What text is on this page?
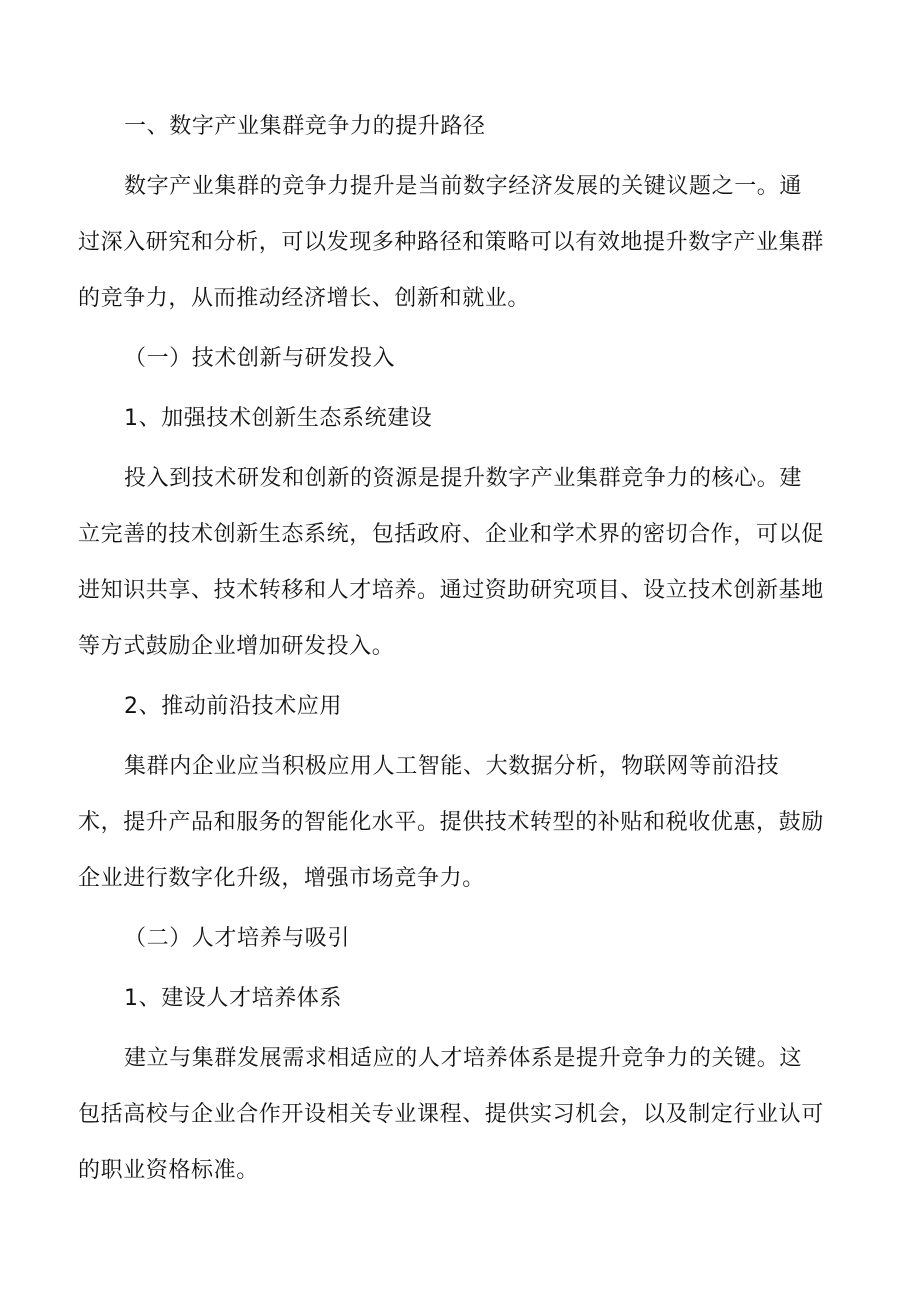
一、数字产业集群竞争力的提升路径
数字产业集群的竞争力提升是当前数字经济发展的关键议题之一。通
过深入研究和分析，可以发现多种路径和策略可以有效地提升数字产业集群
的竞争力，从而推动经济增长、创新和就业。
（一）技术创新与研发投入
1、加强技术创新生态系统建设
投入到技术研发和创新的资源是提升数字产业集群竞争力的核心。建
立完善的技术创新生态系统，包括政府、企业和学术界的密切合作，可以促
进知识共享、技术转移和人才培养。通过资助研究项目、设立技术创新基地
等方式鼓励企业增加研发投入。
2、推动前沿技术应用
集群内企业应当积极应用人工智能、大数据分析，物联网等前沿技
术，提升产品和服务的智能化水平。提供技术转型的补贴和税收优惠，鼓励
企业进行数字化升级，增强市场竞争力。
（二）人才培养与吸引
1、建设人才培养体系
建立与集群发展需求相适应的人才培养体系是提升竞争力的关键。这
包括高校与企业合作开设相关专业课程、提供实习机会，以及制定行业认可
的职业资格标准。
